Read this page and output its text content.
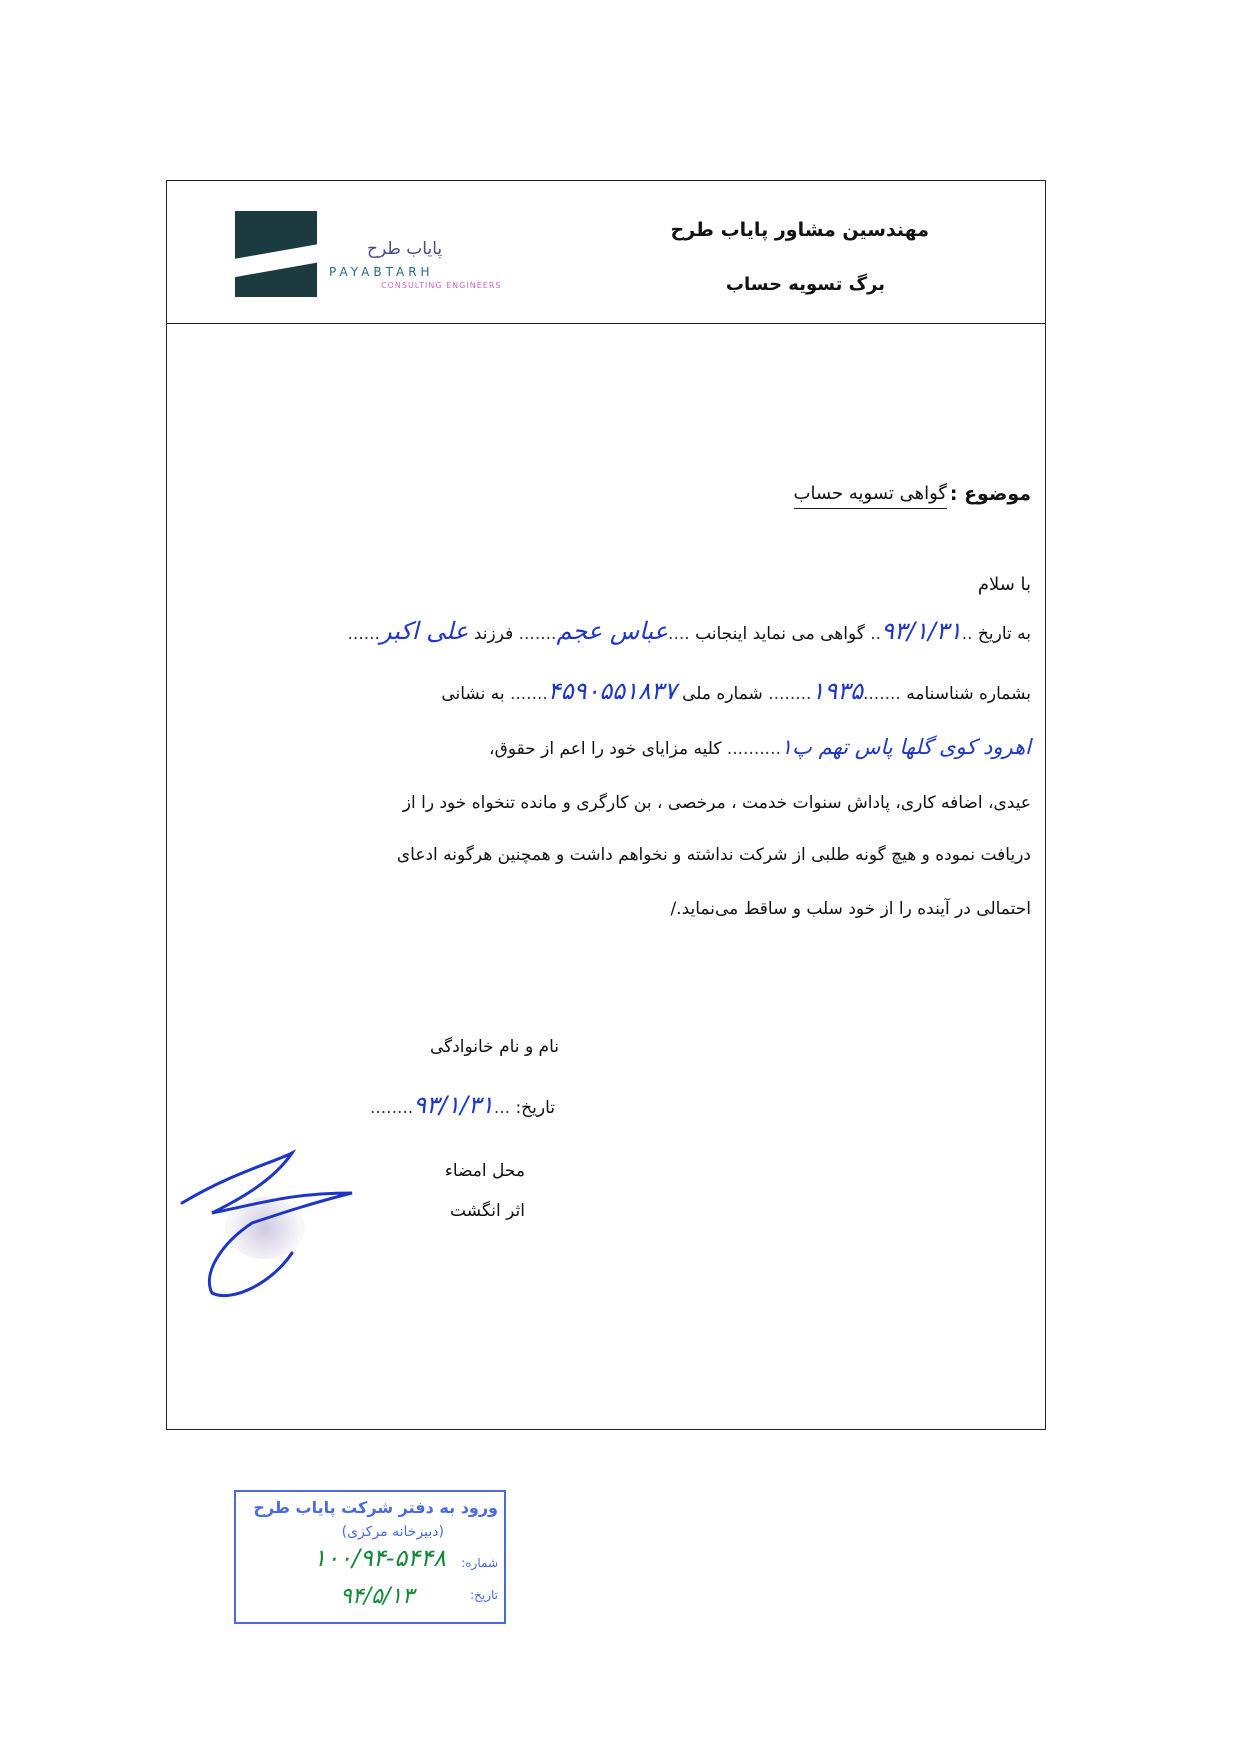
پایاب طرح
PAYABTARH
CONSULTING ENGINEERS
مهندسین مشاور پایاب طرح
برگ تسویه حساب
موضوع :
گواهی تسویه حساب
با سلام
به تاریخ ..۹۳/۱/۳۱.. گواهی می نماید اینجانب ....عباس عجم....... فرزند علی اکبر......
بشماره شناسنامه .......۱۹۳۵........ شماره ملی ۴۵۹۰۵۵۱۸۳۷....... به نشانی
اهرود کوی گلها پاس تهم پ۱.......... کلیه مزایای خود را اعم از حقوق،
عیدی، اضافه کاری، پاداش سنوات خدمت ، مرخصی ، بن کارگری و مانده تنخواه خود را از
دریافت نموده و هیچ گونه طلبی از شرکت نداشته و نخواهم داشت و همچنین هرگونه ادعای
احتمالی در آینده را از خود سلب و ساقط می‌نماید./
نام و نام خانوادگی
تاریخ: ...۹۳/۱/۳۱........
محل امضاء
اثر انگشت
ورود به دفتر شرکت پایاب طرح
(دبیرخانه مرکزی)
شماره:
۱۰۰/۹۴-۵۴۴۸
تاریخ:
۹۴/۵/۱۳
